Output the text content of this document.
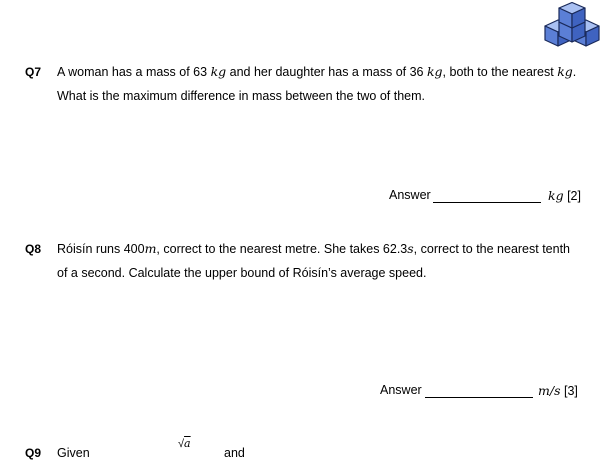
Q7 A woman has a mass of 63 kg and her daughter has a mass of 36 kg, both to the nearest kg.
What is the maximum difference in mass between the two of them.
Answer	kg [2]
Q8 Róisín runs 400m, correct to the nearest metre. She takes 62.3s, correct to the nearest tenth
of a second. Calculate the upper bound of Róisín’s average speed.
Answer	m/s [3]
Q9 Given
√a
and
